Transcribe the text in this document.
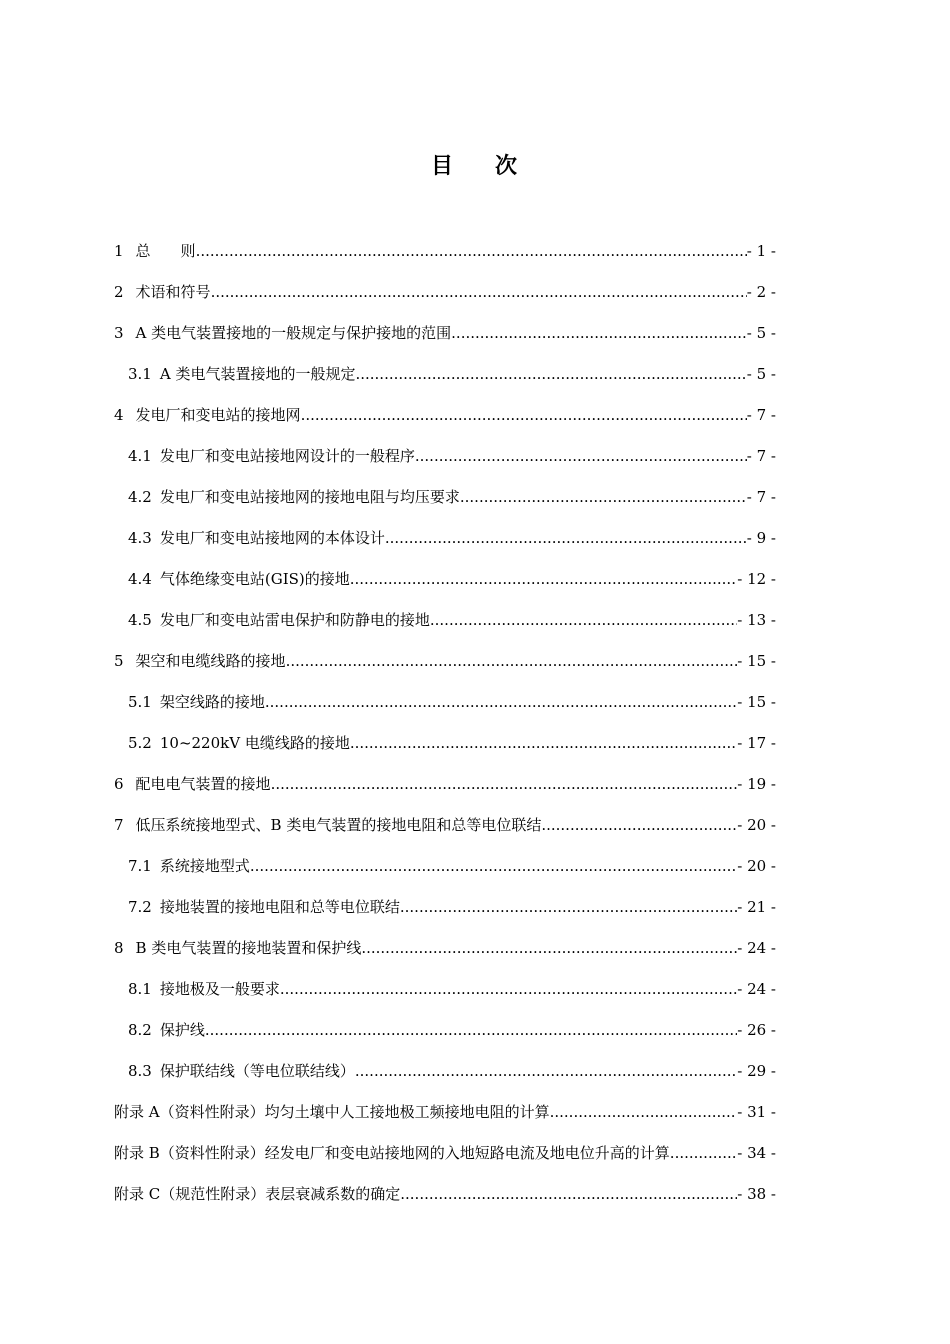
目 次
1 总　　则 .....	- 1 -
2 术语和符号 .....	- 2 -
3 A 类电气装置接地的一般规定与保护接地的范围 .....	- 5 -
3.1 A 类电气装置接地的一般规定 .....	- 5 -
4 发电厂和变电站的接地网 .....	- 7 -
4.1 发电厂和变电站接地网设计的一般程序 .....	- 7 -
4.2 发电厂和变电站接地网的接地电阻与均压要求 .....	- 7 -
4.3 发电厂和变电站接地网的本体设计 .....	- 9 -
4.4 气体绝缘变电站(GIS)的接地 .....	- 12 -
4.5 发电厂和变电站雷电保护和防静电的接地 .....	- 13 -
5 架空和电缆线路的接地 .....	- 15 -
5.1 架空线路的接地 .....	- 15 -
5.2 10~220kV 电缆线路的接地 .....	- 17 -
6 配电电气装置的接地 .....	- 19 -
7 低压系统接地型式、B 类电气装置的接地电阻和总等电位联结 .....	- 20 -
7.1 系统接地型式 .....	- 20 -
7.2 接地装置的接地电阻和总等电位联结 .....	- 21 -
8 B 类电气装置的接地装置和保护线 .....	- 24 -
8.1 接地极及一般要求 .....	- 24 -
8.2 保护线 .....	- 26 -
8.3 保护联结线（等电位联结线） .....	- 29 -
附录 A（资料性附录）均匀土壤中人工接地极工频接地电阻的计算 .....	- 31 -
附录 B（资料性附录）经发电厂和变电站接地网的入地短路电流及地电位升高的计算 .....	- 34 -
附录 C（规范性附录）表层衰减系数的确定 .....	- 38 -
